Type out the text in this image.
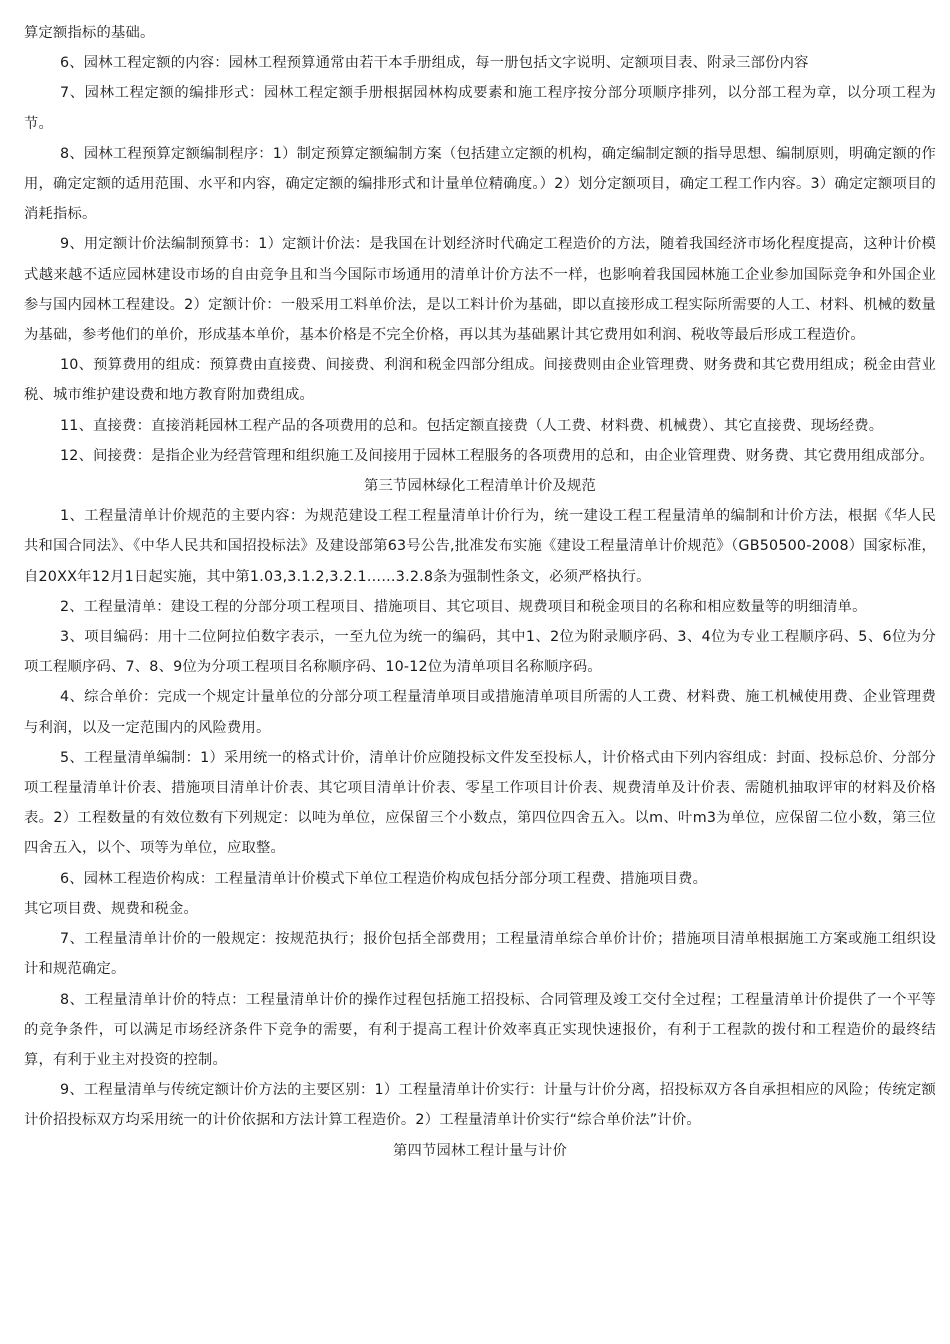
算定额指标的基础。

6、园林工程定额的内容：园林工程预算通常由若干本手册组成，每一册包括文字说明、定额项目表、附录三部份内容

7、园林工程定额的编排形式：园林工程定额手册根据园林构成要素和施工程序按分部分项顺序排列，以分部工程为章，以分项工程为节。

8、园林工程预算定额编制程序：1）制定预算定额编制方案（包括建立定额的机构，确定编制定额的指导思想、编制原则，明确定额的作用，确定定额的适用范围、水平和内容，确定定额的编排形式和计量单位精确度。）2）划分定额项目，确定工程工作内容。3）确定定额项目的消耗指标。

9、用定额计价法编制预算书：1）定额计价法：是我国在计划经济时代确定工程造价的方法，随着我国经济市场化程度提高，这种计价模式越来越不适应园林建设市场的自由竞争且和当今国际市场通用的清单计价方法不一样，也影响着我国园林施工企业参加国际竞争和外国企业参与国内园林工程建设。2）定额计价：一般采用工料单价法，是以工料计价为基础，即以直接形成工程实际所需要的人工、材料、机械的数量为基础，参考他们的单价，形成基本单价，基本价格是不完全价格，再以其为基础累计其它费用如利润、税收等最后形成工程造价。

10、预算费用的组成：预算费由直接费、间接费、利润和税金四部分组成。间接费则由企业管理费、财务费和其它费用组成；税金由营业税、城市维护建设费和地方教育附加费组成。

11、直接费：直接消耗园林工程产品的各项费用的总和。包括定额直接费（人工费、材料费、机械费）、其它直接费、现场经费。

12、间接费：是指企业为经营管理和组织施工及间接用于园林工程服务的各项费用的总和，由企业管理费、财务费、其它费用组成部分。

第三节园林绿化工程清单计价及规范

1、工程量清单计价规范的主要内容：为规范建设工程工程量清单计价行为，统一建设工程工程量清单的编制和计价方法，根据《华人民共和国合同法》、《中华人民共和国招投标法》及建设部第63号公告,批准发布实施《建设工程量清单计价规范》（GB50500-2008）国家标准，自20XX年12月1日起实施，其中第1.03,3.1.2,3.2.1……3.2.8条为强制性条文，必须严格执行。

2、工程量清单：建设工程的分部分项工程项目、措施项目、其它项目、规费项目和税金项目的名称和相应数量等的明细清单。

3、项目编码：用十二位阿拉伯数字表示，一至九位为统一的编码，其中1、2位为附录顺序码、3、4位为专业工程顺序码、5、6位为分项工程顺序码、7、8、9位为分项工程项目名称顺序码、10-12位为清单项目名称顺序码。

4、综合单价：完成一个规定计量单位的分部分项工程量清单项目或措施清单项目所需的人工费、材料费、施工机械使用费、企业管理费与利润，以及一定范围内的风险费用。

5、工程量清单编制：1）采用统一的格式计价，清单计价应随投标文件发至投标人，计价格式由下列内容组成：封面、投标总价、分部分项工程量清单计价表、措施项目清单计价表、其它项目清单计价表、零星工作项目计价表、规费清单及计价表、需随机抽取评审的材料及价格表。2）工程数量的有效位数有下列规定：以吨为单位，应保留三个小数点，第四位四舍五入。以m、叶m3为单位，应保留二位小数，第三位四舍五入，以个、项等为单位，应取整。

6、园林工程造价构成：工程量清单计价模式下单位工程造价构成包括分部分项工程费、措施项目费。

其它项目费、规费和税金。

7、工程量清单计价的一般规定：按规范执行；报价包括全部费用；工程量清单综合单价计价；措施项目清单根据施工方案或施工组织设计和规范确定。

8、工程量清单计价的特点：工程量清单计价的操作过程包括施工招投标、合同管理及竣工交付全过程；工程量清单计价提供了一个平等的竞争条件，可以满足市场经济条件下竞争的需要，有利于提高工程计价效率真正实现快速报价，有利于工程款的拨付和工程造价的最终结算，有利于业主对投资的控制。

9、工程量清单与传统定额计价方法的主要区别：1）工程量清单计价实行：计量与计价分离，招投标双方各自承担相应的风险；传统定额计价招投标双方均采用统一的计价依据和方法计算工程造价。2）工程量清单计价实行“综合单价法”计价。

第四节园林工程计量与计价
